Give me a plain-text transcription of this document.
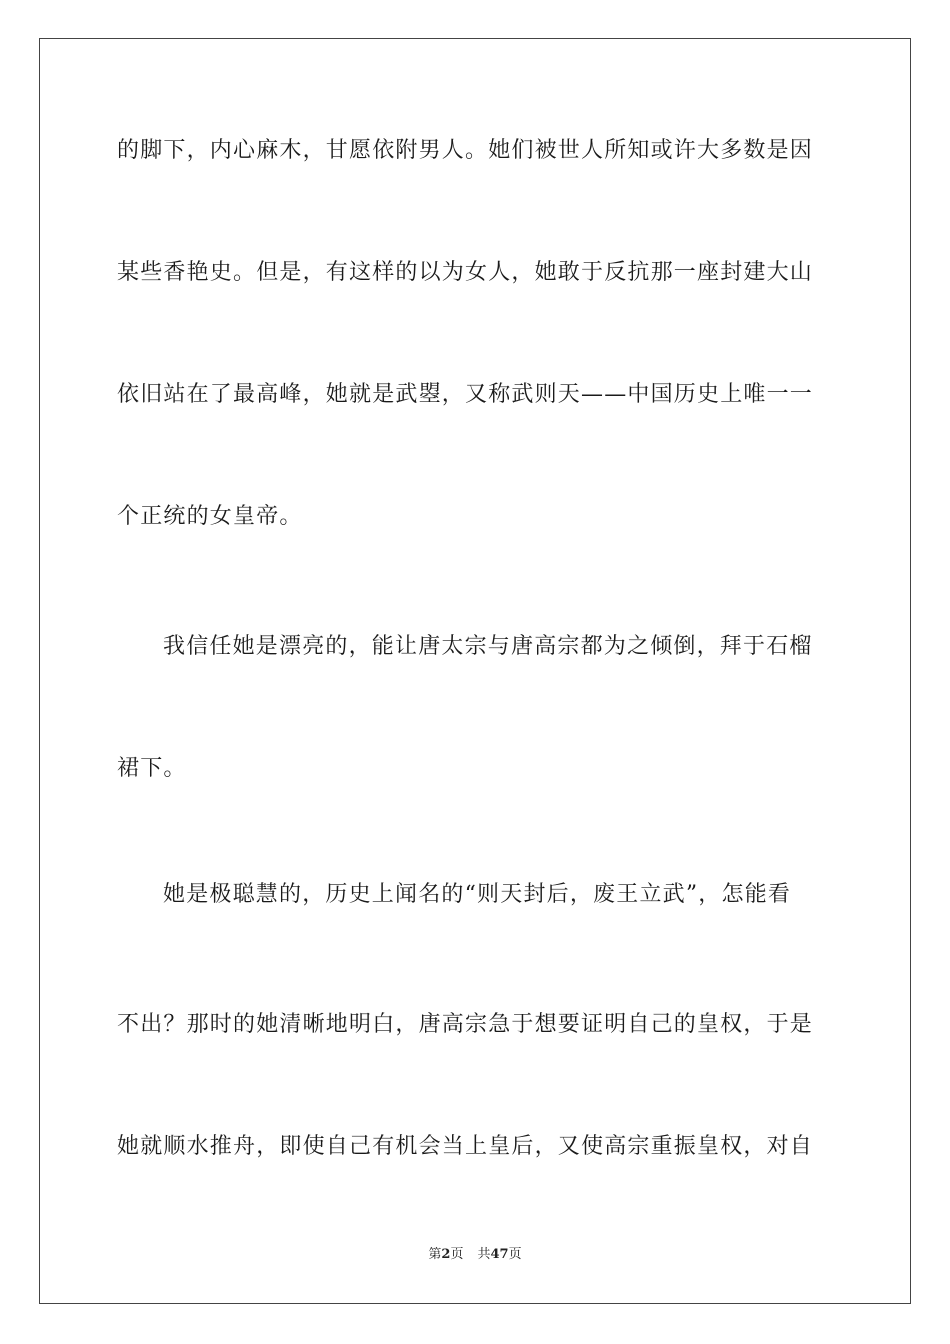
的脚下，内心麻木，甘愿依附男人。她们被世人所知或许大多数是因
某些香艳史。但是，有这样的以为女人，她敢于反抗那一座封建大山
依旧站在了最高峰，她就是武曌，又称武则天——中国历史上唯一一
个正统的女皇帝。
我信任她是漂亮的，能让唐太宗与唐高宗都为之倾倒，拜于石榴
裙下。
她是极聪慧的，历史上闻名的“则天封后，废王立武”，怎能看
不出？那时的她清晰地明白，唐高宗急于想要证明自己的皇权，于是
她就顺水推舟，即使自己有机会当上皇后，又使高宗重振皇权，对自
第2页 共47页
